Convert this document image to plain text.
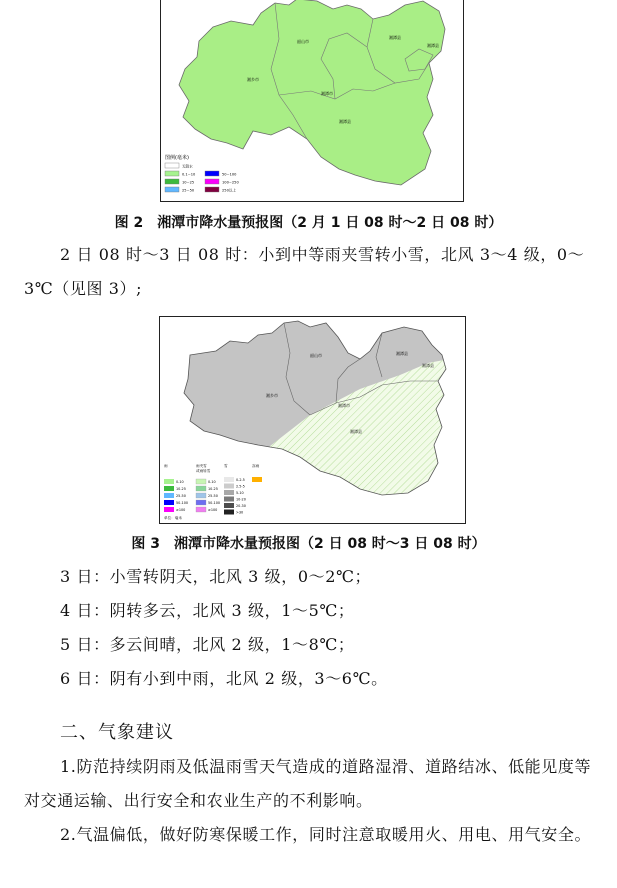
韶山市
湘乡市
湘潭市
湘潭县
湘潭县
湘潭县
图例(毫米)
无降水
0.1~10
10~25
25~50
50~100
100~250
250以上
图 2　湘潭市降水量预报图（2 月 1 日 08 时～2 日 08 时）
2 日 08 时～3 日 08 时：小到中等雨夹雪转小雪，北风 3～4 级，0～3℃（见图 3）;
韶山市
湘乡市
湘潭市
湘潭县
湘潭县
湘潭县
雨	雨夹雪
或雨转雪
雪	冻雨
0-10
10-25
25-50
50-100
≥100
0-10
10-25
25-50
50-100
≥100
0-2.5
2.5-5
5-10
10-20
20-30
>30
单位：毫米
图 3　湘潭市降水量预报图（2 日 08 时～3 日 08 时）
3 日：小雪转阴天，北风 3 级，0～2℃；
4 日：阴转多云，北风 3 级，1～5℃；
5 日：多云间晴，北风 2 级，1～8℃；
6 日：阴有小到中雨，北风 2 级，3～6℃。
二、气象建议
1.防范持续阴雨及低温雨雪天气造成的道路湿滑、道路结冰、低能见度等对交通运输、出行安全和农业生产的不利影响。
2.气温偏低，做好防寒保暖工作，同时注意取暖用火、用电、用气安全。
